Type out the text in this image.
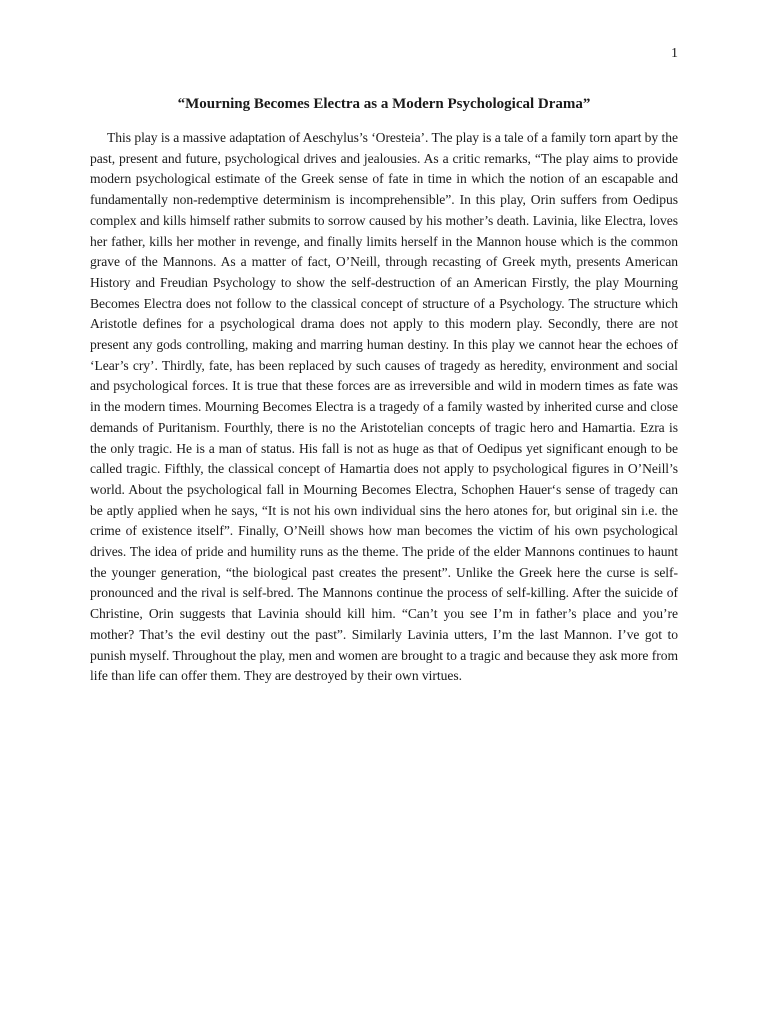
1
“Mourning Becomes Electra as a Modern Psychological Drama”

This play is a massive adaptation of Aeschylus’s ‘Oresteia’. The play is a tale of a family torn apart by the past, present and future, psychological drives and jealousies. As a critic remarks, “The play aims to provide modern psychological estimate of the Greek sense of fate in time in which the notion of an escapable and fundamentally non-redemptive determinism is incomprehensible”. In this play, Orin suffers from Oedipus complex and kills himself rather submits to sorrow caused by his mother’s death. Lavinia, like Electra, loves her father, kills her mother in revenge, and finally limits herself in the Mannon house which is the common grave of the Mannons. As a matter of fact, O’Neill, through recasting of Greek myth, presents American History and Freudian Psychology to show the self-destruction of an American Firstly, the play Mourning Becomes Electra does not follow to the classical concept of structure of a Psychology. The structure which Aristotle defines for a psychological drama does not apply to this modern play. Secondly, there are not present any gods controlling, making and marring human destiny. In this play we cannot hear the echoes of ‘Lear’s cry’. Thirdly, fate, has been replaced by such causes of tragedy as heredity, environment and social and psychological forces. It is true that these forces are as irreversible and wild in modern times as fate was in the modern times. Mourning Becomes Electra is a tragedy of a family wasted by inherited curse and close demands of Puritanism. Fourthly, there is no the Aristotelian concepts of tragic hero and Hamartia. Ezra is the only tragic. He is a man of status. His fall is not as huge as that of Oedipus yet significant enough to be called tragic. Fifthly, the classical concept of Hamartia does not apply to psychological figures in O’Neill’s world. About the psychological fall in Mourning Becomes Electra, Schophen Hauer‘s sense of tragedy can be aptly applied when he says, “It is not his own individual sins the hero atones for, but original sin i.e. the crime of existence itself”. Finally, O’Neill shows how man becomes the victim of his own psychological drives. The idea of pride and humility runs as the theme. The pride of the elder Mannons continues to haunt the younger generation, “the biological past creates the present”. Unlike the Greek here the curse is self-pronounced and the rival is self-bred. The Mannons continue the process of self-killing. After the suicide of Christine, Orin suggests that Lavinia should kill him. “Can’t you see I’m in father’s place and you’re mother? That’s the evil destiny out the past”. Similarly Lavinia utters, I’m the last Mannon. I’ve got to punish myself. Throughout the play, men and women are brought to a tragic and because they ask more from life than life can offer them. They are destroyed by their own virtues.
